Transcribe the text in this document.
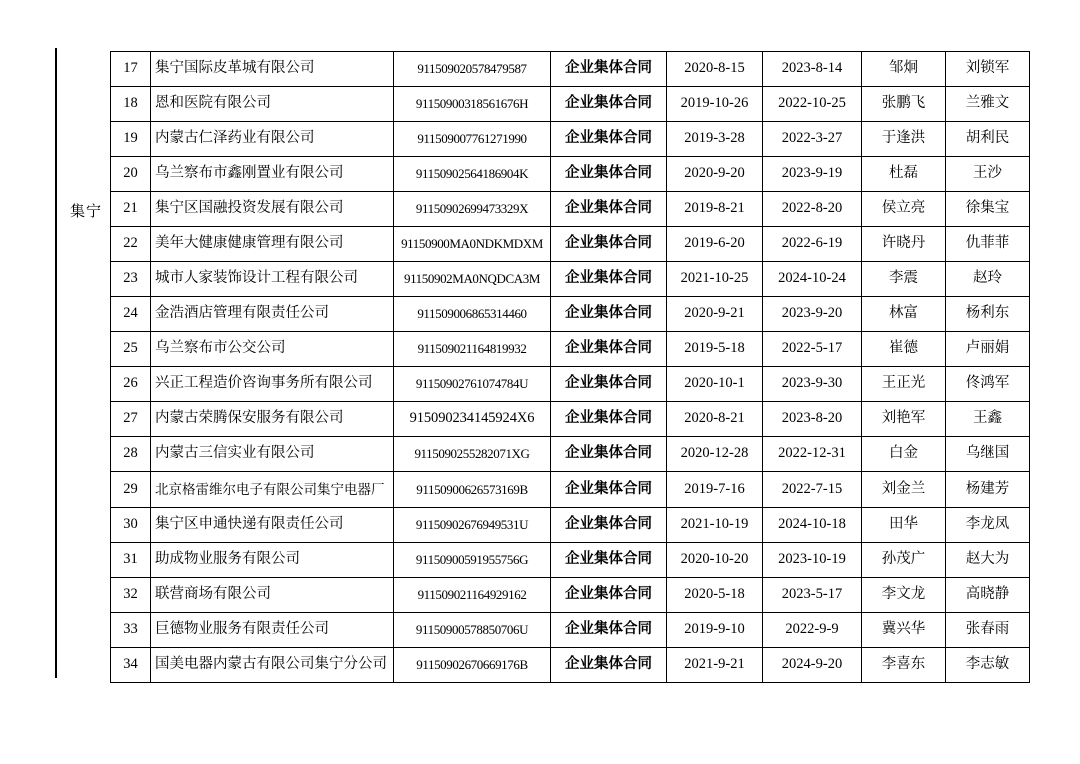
集宁
17	集宁国际皮革城有限公司	911509020578479587	企业集体合同	2020-8-15	2023-8-14	邹炯	刘锁军
18	恩和医院有限公司	91150900318561676H	企业集体合同	2019-10-26	2022-10-25	张鹏飞	兰雅文
19	内蒙古仁泽药业有限公司	911509007761271990	企业集体合同	2019-3-28	2022-3-27	于逢洪	胡利民
20	乌兰察布市鑫刚置业有限公司	91150902564186904K	企业集体合同	2020-9-20	2023-9-19	杜磊	王沙
21	集宁区国融投资发展有限公司	91150902699473329X	企业集体合同	2019-8-21	2022-8-20	侯立亮	徐集宝
22	美年大健康健康管理有限公司	91150900MA0NDKMDXM	企业集体合同	2019-6-20	2022-6-19	许晓丹	仇菲菲
23	城市人家装饰设计工程有限公司	91150902MA0NQDCA3M	企业集体合同	2021-10-25	2024-10-24	李震	赵玲
24	金浩酒店管理有限责任公司	911509006865314460	企业集体合同	2020-9-21	2023-9-20	林富	杨利东
25	乌兰察布市公交公司	911509021164819932	企业集体合同	2019-5-18	2022-5-17	崔德	卢丽娟
26	兴正工程造价咨询事务所有限公司	91150902761074784U	企业集体合同	2020-10-1	2023-9-30	王正光	佟鸿军
27	内蒙古荣腾保安服务有限公司	915090234145924X6	企业集体合同	2020-8-21	2023-8-20	刘艳军	王鑫
28	内蒙古三信实业有限公司	9115090255282071XG	企业集体合同	2020-12-28	2022-12-31	白金	乌继国
29	北京格雷维尔电子有限公司集宁电器厂	91150900626573169B	企业集体合同	2019-7-16	2022-7-15	刘金兰	杨建芳
30	集宁区申通快递有限责任公司	91150902676949531U	企业集体合同	2021-10-19	2024-10-18	田华	李龙凤
31	助成物业服务有限公司	91150900591955756G	企业集体合同	2020-10-20	2023-10-19	孙茂广	赵大为
32	联营商场有限公司	911509021164929162	企业集体合同	2020-5-18	2023-5-17	李文龙	高晓静
33	巨德物业服务有限责任公司	91150900578850706U	企业集体合同	2019-9-10	2022-9-9	冀兴华	张春雨
34	国美电器内蒙古有限公司集宁分公司	91150902670669176B	企业集体合同	2021-9-21	2024-9-20	李喜东	李志敏
